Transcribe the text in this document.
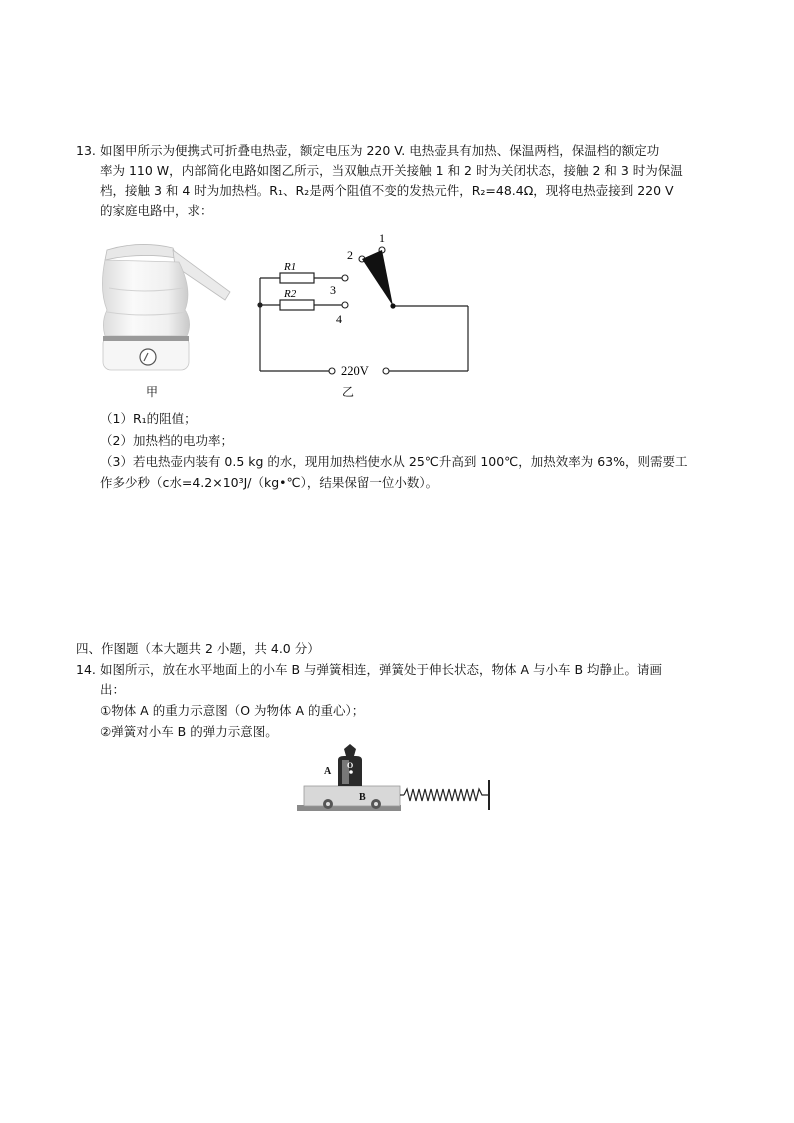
13. 如图甲所示为便携式可折叠电热壶，额定电压为 220 V. 电热壶具有加热、保温两档，保温档的额定功
率为 110 W，内部简化电路如图乙所示，当双触点开关接触 1 和 2 时为关闭状态，接触 2 和 3 时为保温
档，接触 3 和 4 时为加热档。R₁、R₂是两个阻值不变的发热元件，R₂=48.4Ω，现将电热壶接到 220 V
的家庭电路中，求：
甲
R1
R2
1
2
3
4
220V
乙
（1）R₁的阻值；
（2）加热档的电功率；
（3）若电热壶内装有 0.5 kg 的水，现用加热档使水从 25℃升高到 100℃，加热效率为 63%，则需要工
作多少秒（c水=4.2×10³J/（kg•℃），结果保留一位小数）。
四、作图题（本大题共 2 小题，共 4.0 分）
14. 如图所示，放在水平地面上的小车 B 与弹簧相连，弹簧处于伸长状态，物体 A 与小车 B 均静止。请画
出：
①物体 A 的重力示意图（O 为物体 A 的重心）；
②弹簧对小车 B 的弹力示意图。
A
O
B
